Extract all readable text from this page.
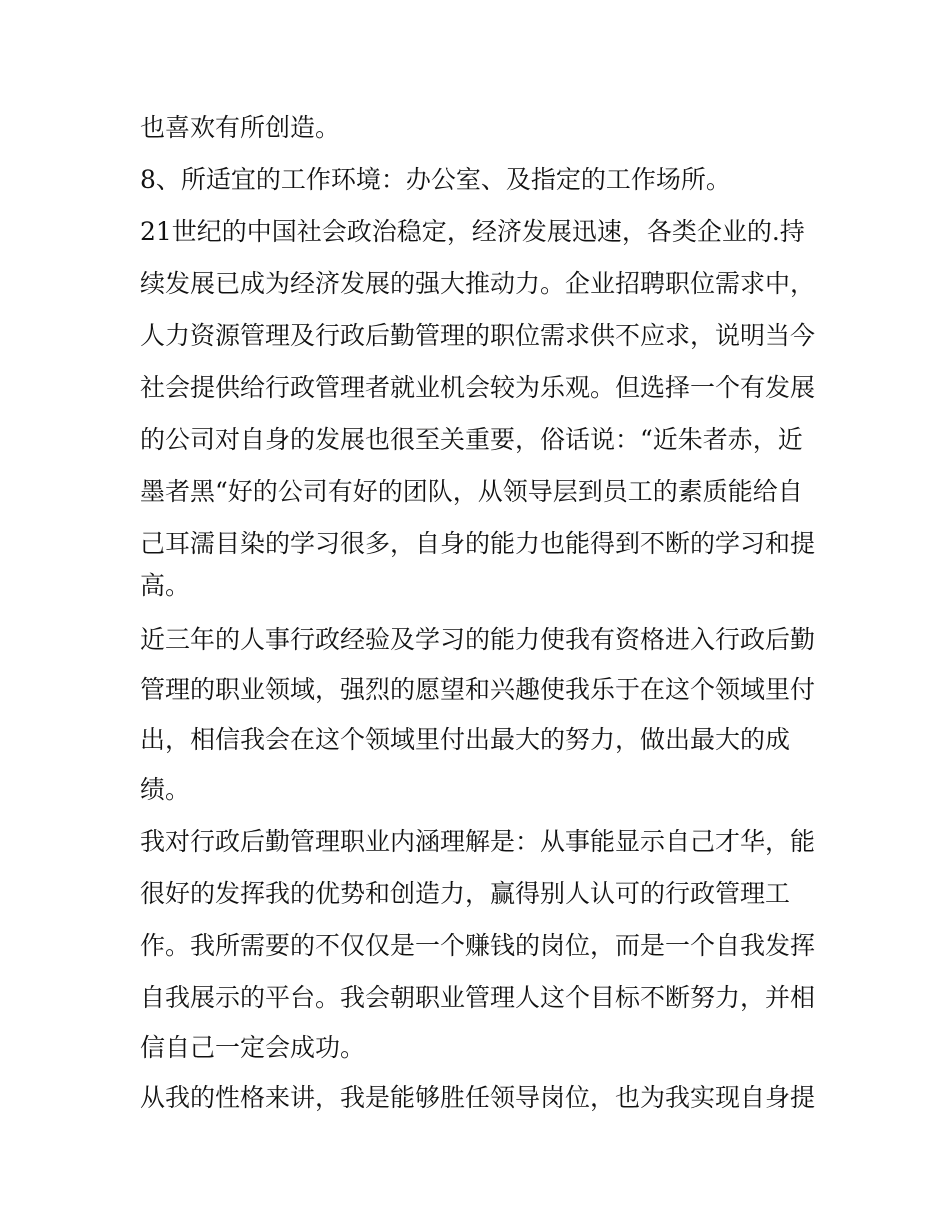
也喜欢有所创造。
8、所适宜的工作环境：办公室、及指定的工作场所。
21世纪的中国社会政治稳定，经济发展迅速，各类企业的.持
续发展已成为经济发展的强大推动力。企业招聘职位需求中，
人力资源管理及行政后勤管理的职位需求供不应求，说明当今
社会提供给行政管理者就业机会较为乐观。但选择一个有发展
的公司对自身的发展也很至关重要，俗话说：“近朱者赤，近
墨者黑“好的公司有好的团队，从领导层到员工的素质能给自
己耳濡目染的学习很多，自身的能力也能得到不断的学习和提
高。
近三年的人事行政经验及学习的能力使我有资格进入行政后勤
管理的职业领域，强烈的愿望和兴趣使我乐于在这个领域里付
出，相信我会在这个领域里付出最大的努力，做出最大的成
绩。
我对行政后勤管理职业内涵理解是：从事能显示自己才华，能
很好的发挥我的优势和创造力，赢得别人认可的行政管理工
作。我所需要的不仅仅是一个赚钱的岗位，而是一个自我发挥
自我展示的平台。我会朝职业管理人这个目标不断努力，并相
信自己一定会成功。
从我的性格来讲，我是能够胜任领导岗位，也为我实现自身提
